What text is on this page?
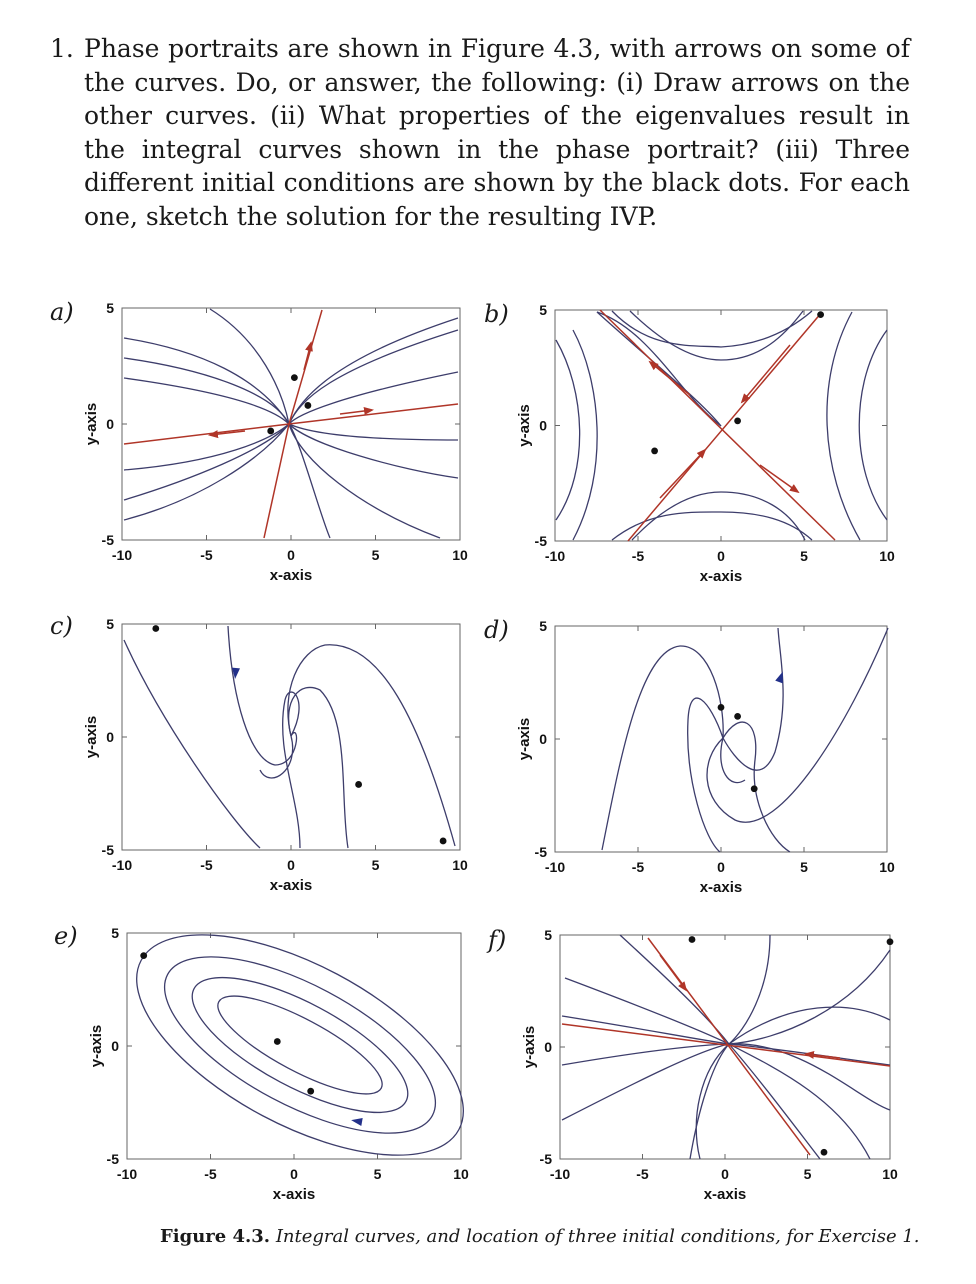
1. Phase portraits are shown in Figure 4.3, with arrows on some of the curves. Do, or answer, the following: (i) Draw arrows on the other curves. (ii) What properties of the eigenvalues result in the integral curves shown in the phase portrait? (iii) Three different initial conditions are shown by the black dots. For each one, sketch the solution for the resulting IVP.
a)	b)
c)	d)
e)	f)
-10	-5	0	5	10
5
0
-5
x-axis
y-axis
-10	-5	0	5	10
5
0
-5
x-axis
y-axis
-10	-5	0	5	10
5
0
-5
x-axis
y-axis
-10	-5	0	5	10
5
0
-5
x-axis
y-axis
-10	-5	0	5	10
5
0
-5
x-axis
y-axis
-10	-5	0	5	10
5
0
-5
x-axis
y-axis
Figure 4.3. Integral curves, and location of three initial conditions, for Exercise 1.
